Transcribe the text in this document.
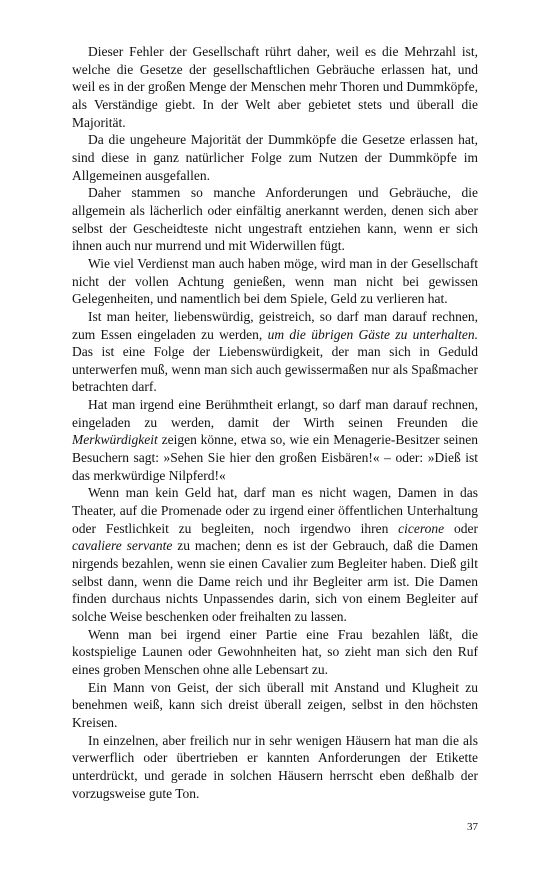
Dieser Fehler der Gesellschaft rührt daher, weil es die Mehrzahl ist, welche die Gesetze der gesellschaftlichen Gebräuche erlassen hat, und weil es in der großen Menge der Menschen mehr Thoren und Dummköpfe, als Verständige giebt. In der Welt aber gebietet stets und überall die Majorität.

Da die ungeheure Majorität der Dummköpfe die Gesetze erlassen hat, sind diese in ganz natürlicher Folge zum Nutzen der Dummköpfe im Allgemeinen ausgefallen.

Daher stammen so manche Anforderungen und Gebräuche, die allgemein als lächerlich oder einfältig anerkannt werden, denen sich aber selbst der Gescheidteste nicht ungestraft entziehen kann, wenn er sich ihnen auch nur murrend und mit Widerwillen fügt.

Wie viel Verdienst man auch haben möge, wird man in der Gesellschaft nicht der vollen Achtung genießen, wenn man nicht bei gewissen Gelegenheiten, und namentlich bei dem Spiele, Geld zu verlieren hat.

Ist man heiter, liebenswürdig, geistreich, so darf man darauf rechnen, zum Essen eingeladen zu werden, um die übrigen Gäste zu unterhalten. Das ist eine Folge der Liebenswürdigkeit, der man sich in Geduld unterwerfen muß, wenn man sich auch gewissermaßen nur als Spaßmacher betrachten darf.

Hat man irgend eine Berühmtheit erlangt, so darf man darauf rechnen, eingeladen zu werden, damit der Wirth seinen Freunden die Merkwürdigkeit zeigen könne, etwa so, wie ein Menagerie-Besitzer seinen Besuchern sagt: »Sehen Sie hier den großen Eisbären!« – oder: »Dieß ist das merkwürdige Nilpferd!«

Wenn man kein Geld hat, darf man es nicht wagen, Damen in das Theater, auf die Promenade oder zu irgend einer öffentlichen Unterhaltung oder Festlichkeit zu begleiten, noch irgendwo ihren cicerone oder cavaliere servante zu machen; denn es ist der Gebrauch, daß die Damen nirgends bezahlen, wenn sie einen Cavalier zum Begleiter haben. Dieß gilt selbst dann, wenn die Dame reich und ihr Begleiter arm ist. Die Damen finden durchaus nichts Unpassendes darin, sich von einem Begleiter auf solche Weise beschenken oder freihalten zu lassen.

Wenn man bei irgend einer Partie eine Frau bezahlen läßt, die kostspielige Launen oder Gewohnheiten hat, so zieht man sich den Ruf eines groben Menschen ohne alle Lebensart zu.

Ein Mann von Geist, der sich überall mit Anstand und Klugheit zu benehmen weiß, kann sich dreist überall zeigen, selbst in den höchsten Kreisen.

In einzelnen, aber freilich nur in sehr wenigen Häusern hat man die als verwerflich oder übertrieben er kannten Anforderungen der Etikette unterdrückt, und gerade in solchen Häusern herrscht eben deßhalb der vorzugsweise gute Ton.

37
